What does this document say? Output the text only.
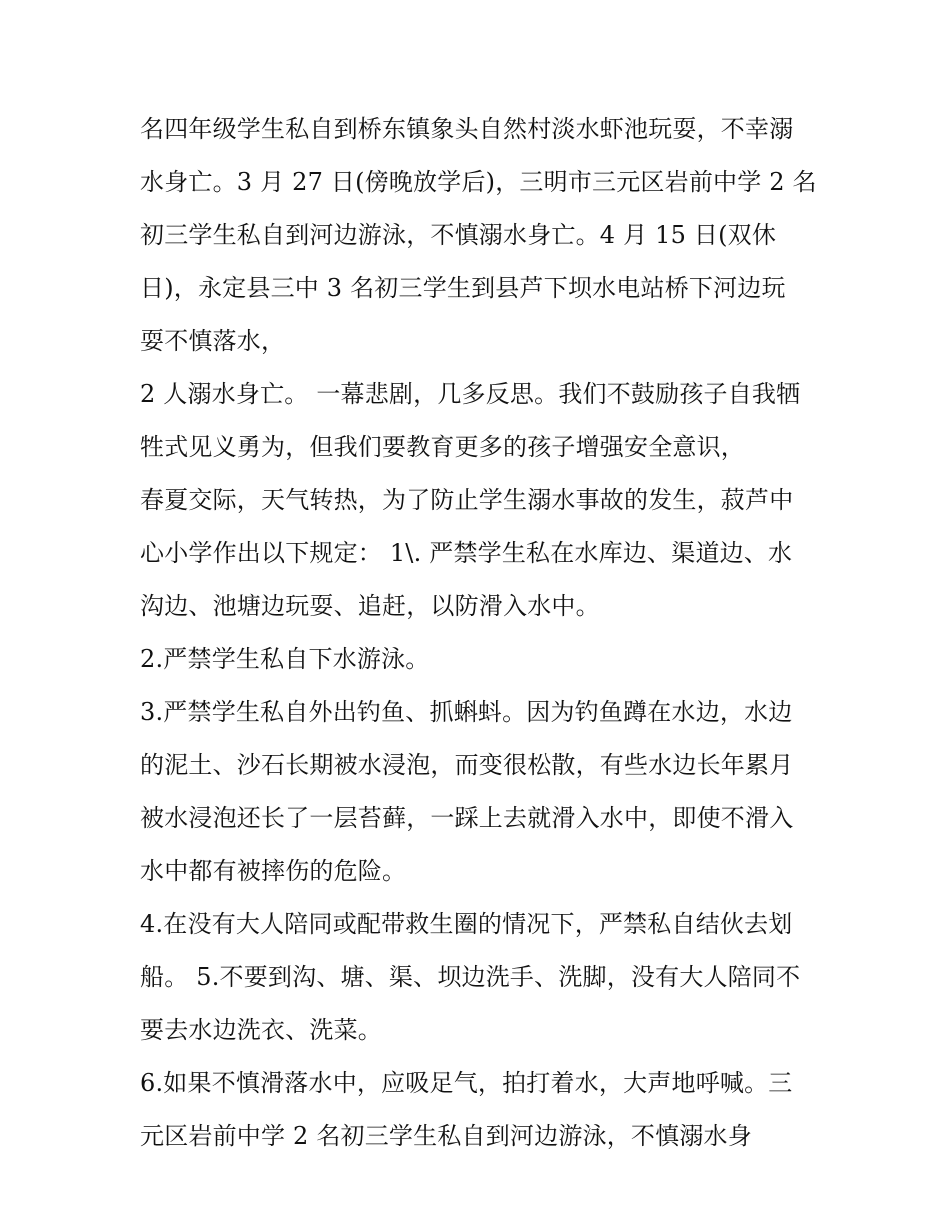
名四年级学生私自到桥东镇象头自然村淡水虾池玩耍，不幸溺
水身亡。3 月 27 日(傍晚放学后)，三明市三元区岩前中学 2 名
初三学生私自到河边游泳，不慎溺水身亡。4 月 15 日(双休
日)，永定县三中 3 名初三学生到县芦下坝水电站桥下河边玩
耍不慎落水，
2 人溺水身亡。 一幕悲剧，几多反思。我们不鼓励孩子自我牺
牲式见义勇为，但我们要教育更多的孩子增强安全意识，
春夏交际，天气转热，为了防止学生溺水事故的发生，菽芦中
心小学作出以下规定： 1\. 严禁学生私在水库边、渠道边、水
沟边、池塘边玩耍、追赶，以防滑入水中。
2.严禁学生私自下水游泳。
3.严禁学生私自外出钓鱼、抓蝌蚪。因为钓鱼蹲在水边，水边
的泥土、沙石长期被水浸泡，而变很松散，有些水边长年累月
被水浸泡还长了一层苔藓，一踩上去就滑入水中，即使不滑入
水中都有被摔伤的危险。
4.在没有大人陪同或配带救生圈的情况下，严禁私自结伙去划
船。 5.不要到沟、塘、渠、坝边洗手、洗脚，没有大人陪同不
要去水边洗衣、洗菜。
6.如果不慎滑落水中，应吸足气，拍打着水，大声地呼喊。三
元区岩前中学 2 名初三学生私自到河边游泳，不慎溺水身
